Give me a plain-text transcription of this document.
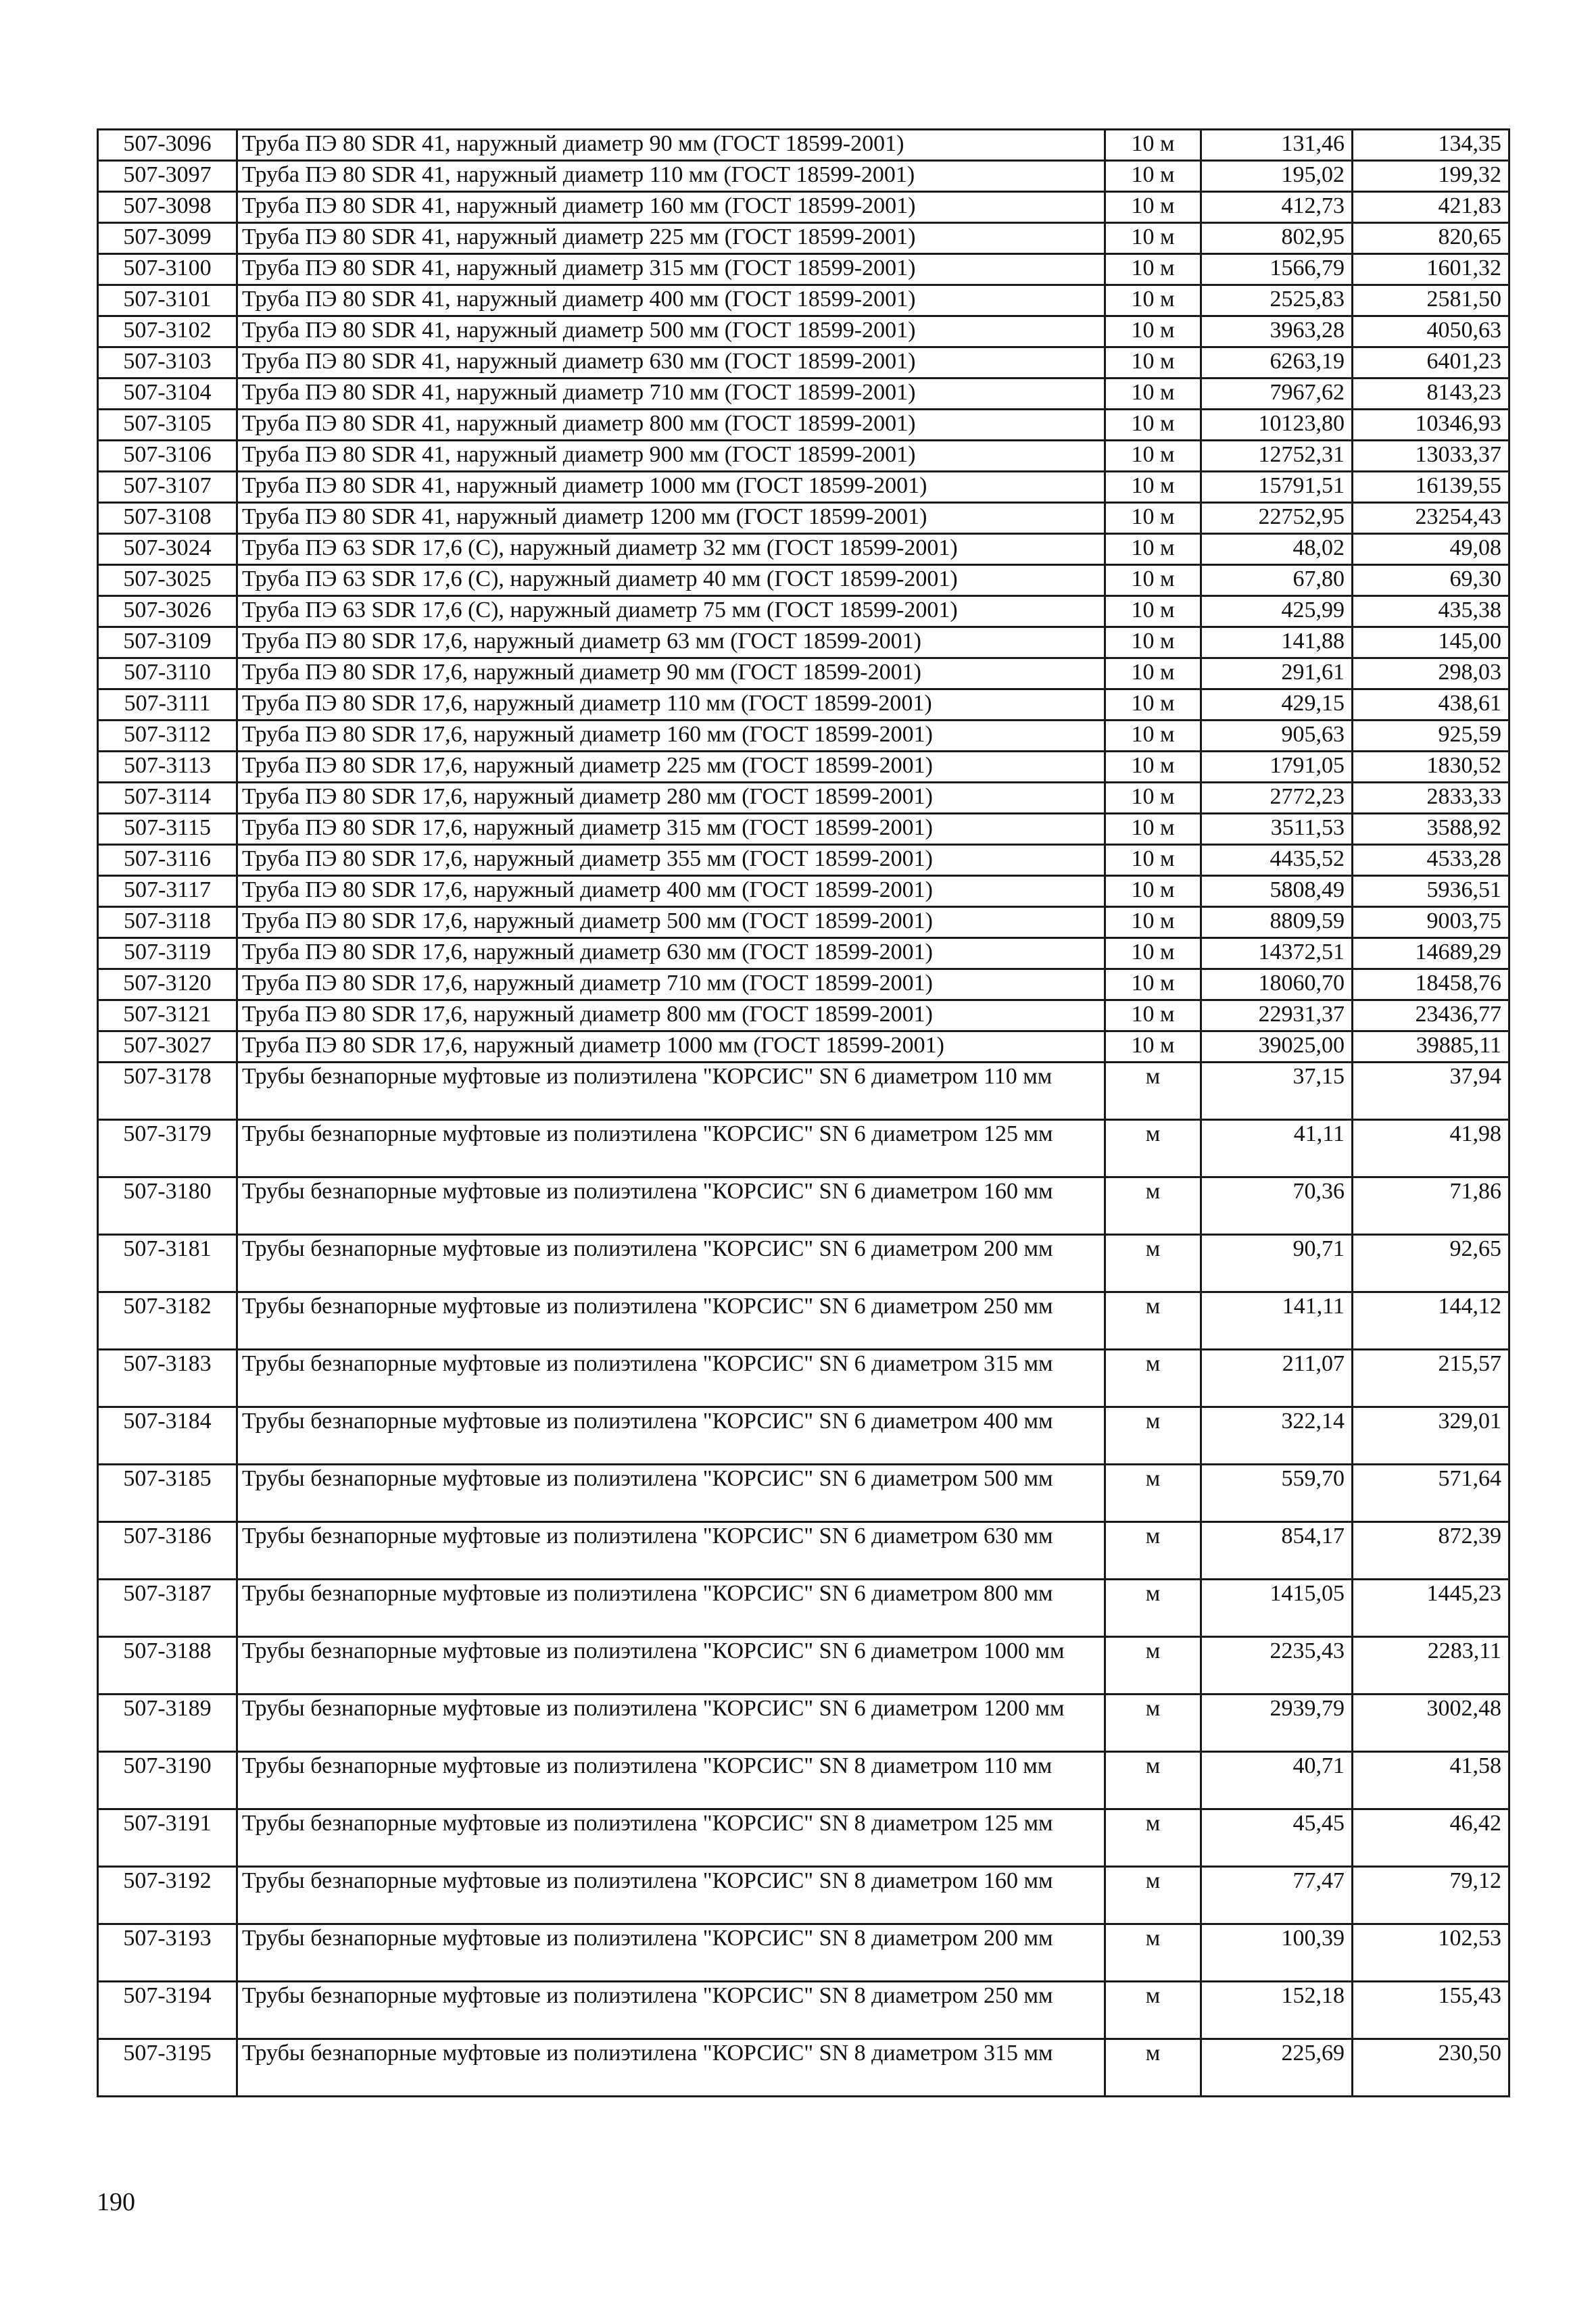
507-3096	Труба ПЭ 80 SDR 41, наружный диаметр 90 мм (ГОСТ 18599-2001)	10 м	131,46	134,35
507-3097	Труба ПЭ 80 SDR 41, наружный диаметр 110 мм (ГОСТ 18599-2001)	10 м	195,02	199,32
507-3098	Труба ПЭ 80 SDR 41, наружный диаметр 160 мм (ГОСТ 18599-2001)	10 м	412,73	421,83
507-3099	Труба ПЭ 80 SDR 41, наружный диаметр 225 мм (ГОСТ 18599-2001)	10 м	802,95	820,65
507-3100	Труба ПЭ 80 SDR 41, наружный диаметр 315 мм (ГОСТ 18599-2001)	10 м	1566,79	1601,32
507-3101	Труба ПЭ 80 SDR 41, наружный диаметр 400 мм (ГОСТ 18599-2001)	10 м	2525,83	2581,50
507-3102	Труба ПЭ 80 SDR 41, наружный диаметр 500 мм (ГОСТ 18599-2001)	10 м	3963,28	4050,63
507-3103	Труба ПЭ 80 SDR 41, наружный диаметр 630 мм (ГОСТ 18599-2001)	10 м	6263,19	6401,23
507-3104	Труба ПЭ 80 SDR 41, наружный диаметр 710 мм (ГОСТ 18599-2001)	10 м	7967,62	8143,23
507-3105	Труба ПЭ 80 SDR 41, наружный диаметр 800 мм (ГОСТ 18599-2001)	10 м	10123,80	10346,93
507-3106	Труба ПЭ 80 SDR 41, наружный диаметр 900 мм (ГОСТ 18599-2001)	10 м	12752,31	13033,37
507-3107	Труба ПЭ 80 SDR 41, наружный диаметр 1000 мм (ГОСТ 18599-2001)	10 м	15791,51	16139,55
507-3108	Труба ПЭ 80 SDR 41, наружный диаметр 1200 мм (ГОСТ 18599-2001)	10 м	22752,95	23254,43
507-3024	Труба ПЭ 63 SDR 17,6 (С), наружный диаметр 32 мм (ГОСТ 18599-2001)	10 м	48,02	49,08
507-3025	Труба ПЭ 63 SDR 17,6 (С), наружный диаметр 40 мм (ГОСТ 18599-2001)	10 м	67,80	69,30
507-3026	Труба ПЭ 63 SDR 17,6 (С), наружный диаметр 75 мм (ГОСТ 18599-2001)	10 м	425,99	435,38
507-3109	Труба ПЭ 80 SDR 17,6, наружный диаметр 63 мм (ГОСТ 18599-2001)	10 м	141,88	145,00
507-3110	Труба ПЭ 80 SDR 17,6, наружный диаметр 90 мм (ГОСТ 18599-2001)	10 м	291,61	298,03
507-3111	Труба ПЭ 80 SDR 17,6, наружный диаметр 110 мм (ГОСТ 18599-2001)	10 м	429,15	438,61
507-3112	Труба ПЭ 80 SDR 17,6, наружный диаметр 160 мм (ГОСТ 18599-2001)	10 м	905,63	925,59
507-3113	Труба ПЭ 80 SDR 17,6, наружный диаметр 225 мм (ГОСТ 18599-2001)	10 м	1791,05	1830,52
507-3114	Труба ПЭ 80 SDR 17,6, наружный диаметр 280 мм (ГОСТ 18599-2001)	10 м	2772,23	2833,33
507-3115	Труба ПЭ 80 SDR 17,6, наружный диаметр 315 мм (ГОСТ 18599-2001)	10 м	3511,53	3588,92
507-3116	Труба ПЭ 80 SDR 17,6, наружный диаметр 355 мм (ГОСТ 18599-2001)	10 м	4435,52	4533,28
507-3117	Труба ПЭ 80 SDR 17,6, наружный диаметр 400 мм (ГОСТ 18599-2001)	10 м	5808,49	5936,51
507-3118	Труба ПЭ 80 SDR 17,6, наружный диаметр 500 мм (ГОСТ 18599-2001)	10 м	8809,59	9003,75
507-3119	Труба ПЭ 80 SDR 17,6, наружный диаметр 630 мм (ГОСТ 18599-2001)	10 м	14372,51	14689,29
507-3120	Труба ПЭ 80 SDR 17,6, наружный диаметр 710 мм (ГОСТ 18599-2001)	10 м	18060,70	18458,76
507-3121	Труба ПЭ 80 SDR 17,6, наружный диаметр 800 мм (ГОСТ 18599-2001)	10 м	22931,37	23436,77
507-3027	Труба ПЭ 80 SDR 17,6, наружный диаметр 1000 мм (ГОСТ 18599-2001)	10 м	39025,00	39885,11
507-3178	Трубы безнапорные муфтовые из полиэтилена "КОРСИС" SN 6 диаметром 110 мм	м	37,15	37,94
507-3179	Трубы безнапорные муфтовые из полиэтилена "КОРСИС" SN 6 диаметром 125 мм	м	41,11	41,98
507-3180	Трубы безнапорные муфтовые из полиэтилена "КОРСИС" SN 6 диаметром 160 мм	м	70,36	71,86
507-3181	Трубы безнапорные муфтовые из полиэтилена "КОРСИС" SN 6 диаметром 200 мм	м	90,71	92,65
507-3182	Трубы безнапорные муфтовые из полиэтилена "КОРСИС" SN 6 диаметром 250 мм	м	141,11	144,12
507-3183	Трубы безнапорные муфтовые из полиэтилена "КОРСИС" SN 6 диаметром 315 мм	м	211,07	215,57
507-3184	Трубы безнапорные муфтовые из полиэтилена "КОРСИС" SN 6 диаметром 400 мм	м	322,14	329,01
507-3185	Трубы безнапорные муфтовые из полиэтилена "КОРСИС" SN 6 диаметром 500 мм	м	559,70	571,64
507-3186	Трубы безнапорные муфтовые из полиэтилена "КОРСИС" SN 6 диаметром 630 мм	м	854,17	872,39
507-3187	Трубы безнапорные муфтовые из полиэтилена "КОРСИС" SN 6 диаметром 800 мм	м	1415,05	1445,23
507-3188	Трубы безнапорные муфтовые из полиэтилена "КОРСИС" SN 6 диаметром 1000 мм	м	2235,43	2283,11
507-3189	Трубы безнапорные муфтовые из полиэтилена "КОРСИС" SN 6 диаметром 1200 мм	м	2939,79	3002,48
507-3190	Трубы безнапорные муфтовые из полиэтилена "КОРСИС" SN 8 диаметром 110 мм	м	40,71	41,58
507-3191	Трубы безнапорные муфтовые из полиэтилена "КОРСИС" SN 8 диаметром 125 мм	м	45,45	46,42
507-3192	Трубы безнапорные муфтовые из полиэтилена "КОРСИС" SN 8 диаметром 160 мм	м	77,47	79,12
507-3193	Трубы безнапорные муфтовые из полиэтилена "КОРСИС" SN 8 диаметром 200 мм	м	100,39	102,53
507-3194	Трубы безнапорные муфтовые из полиэтилена "КОРСИС" SN 8 диаметром 250 мм	м	152,18	155,43
507-3195	Трубы безнапорные муфтовые из полиэтилена "КОРСИС" SN 8 диаметром 315 мм	м	225,69	230,50
190
